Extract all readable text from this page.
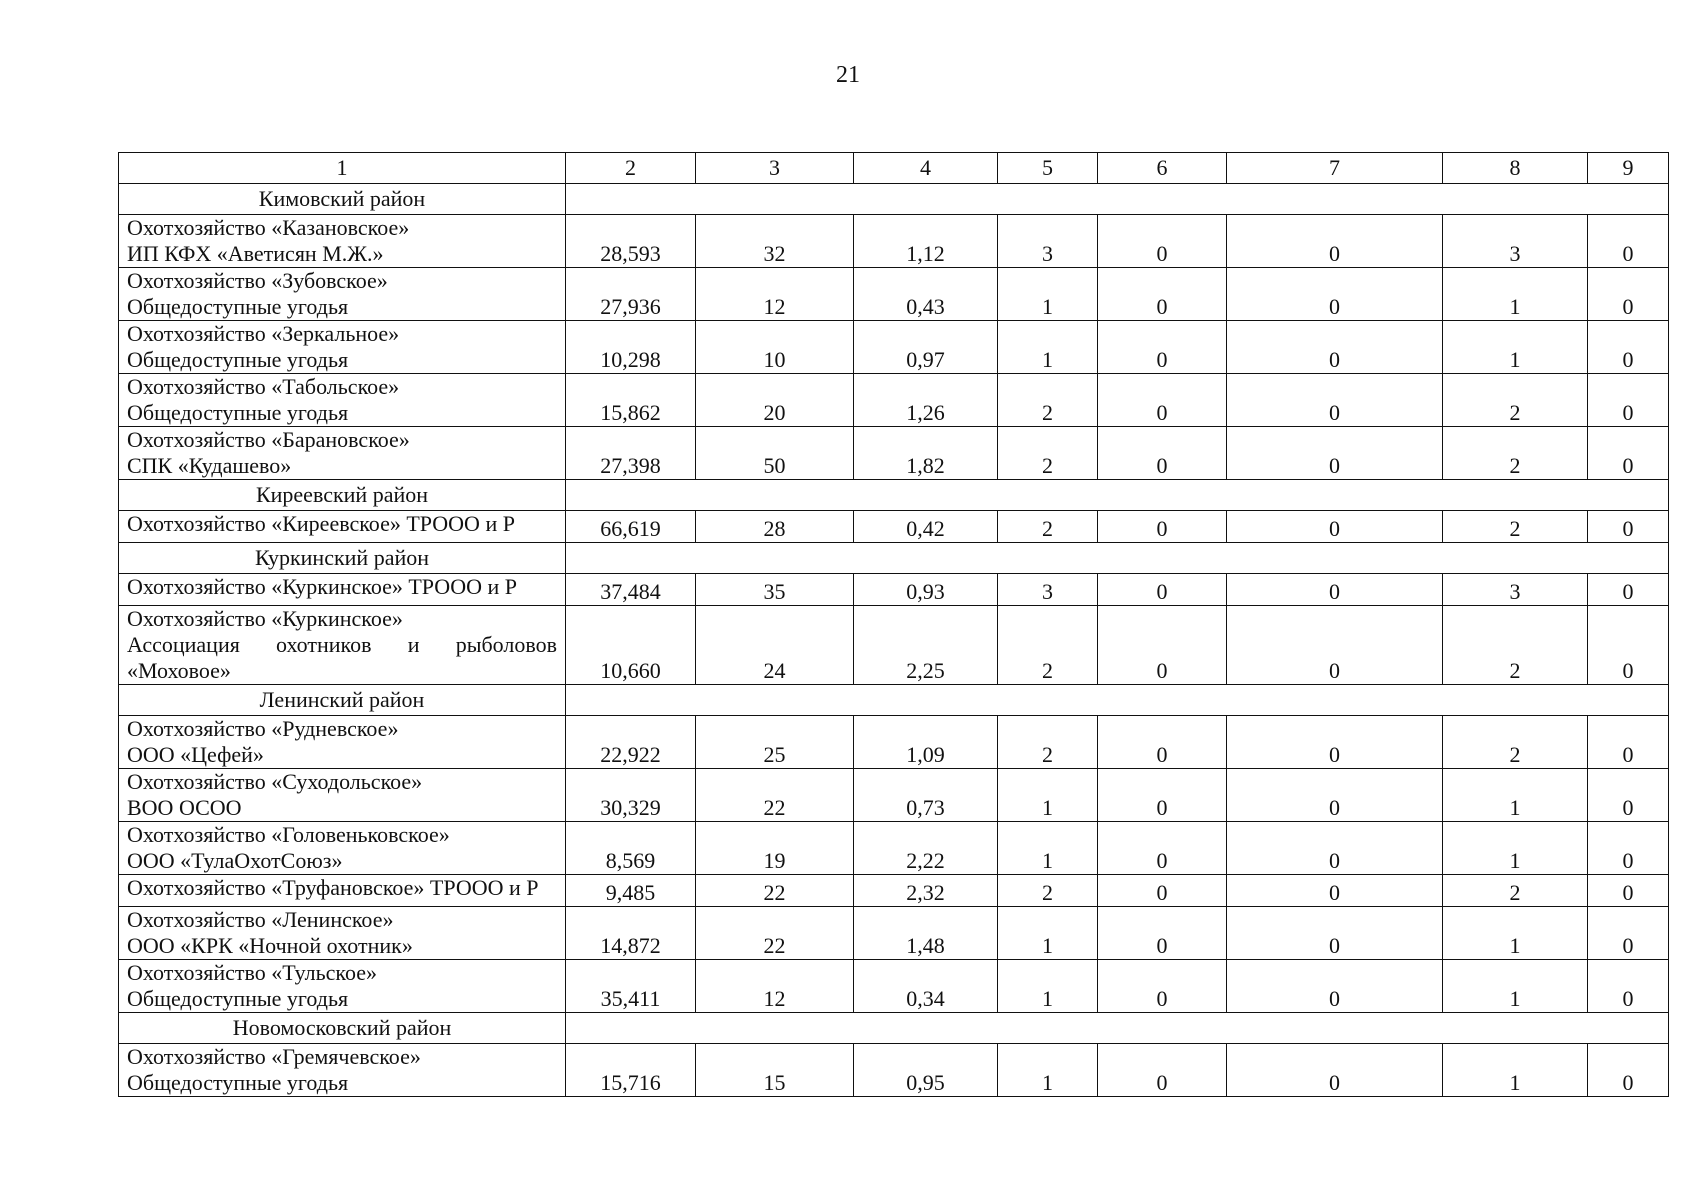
21
1	2	3	4	5	6	7	8	9
Кимовский район								

Охотхозяйство «Казановское»
ИП КФХ «Аветисян М.Ж.»	28,593	32	1,12	3	0	0	3	0

Охотхозяйство «Зубовское»
Общедоступные угодья	27,936	12	0,43	1	0	0	1	0

Охотхозяйство «Зеркальное»
Общедоступные угодья	10,298	10	0,97	1	0	0	1	0

Охотхозяйство «Табольское»
Общедоступные угодья	15,862	20	1,26	2	0	0	2	0

Охотхозяйство «Барановское»
СПК «Кудашево»	27,398	50	1,82	2	0	0	2	0
Киреевский район								

Охотхозяйство «Киреевское» ТРООО и Р	66,619	28	0,42	2	0	0	2	0
Куркинский район								

Охотхозяйство «Куркинское» ТРООО и Р	37,484	35	0,93	3	0	0	3	0

Охотхозяйство «Куркинское»
Ассоциация охотников и рыболовов
«Моховое»	10,660	24	2,25	2	0	0	2	0
Ленинский район								

Охотхозяйство «Рудневское»
ООО «Цефей»	22,922	25	1,09	2	0	0	2	0

Охотхозяйство «Суходольское»
ВОО ОСОО	30,329	22	0,73	1	0	0	1	0

Охотхозяйство «Головеньковское»
ООО «ТулаОхотСоюз»	8,569	19	2,22	1	0	0	1	0

Охотхозяйство «Труфановское» ТРООО и Р	9,485	22	2,32	2	0	0	2	0

Охотхозяйство «Ленинское»
ООО «КРК «Ночной охотник»	14,872	22	1,48	1	0	0	1	0

Охотхозяйство «Тульское»
Общедоступные угодья	35,411	12	0,34	1	0	0	1	0
Новомосковский район								

Охотхозяйство «Гремячевское»
Общедоступные угодья	15,716	15	0,95	1	0	0	1	0
